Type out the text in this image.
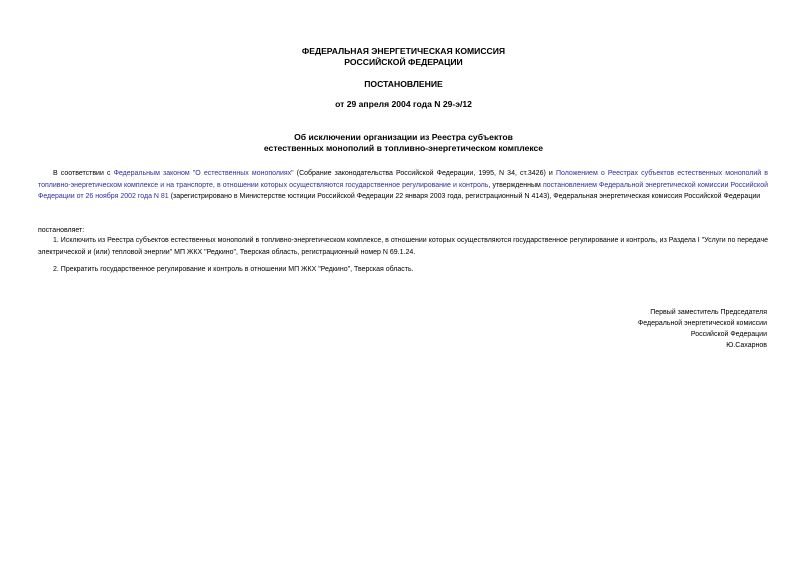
ФЕДЕРАЛЬНАЯ ЭНЕРГЕТИЧЕСКАЯ КОМИССИЯ
РОССИЙСКОЙ ФЕДЕРАЦИИ
ПОСТАНОВЛЕНИЕ
от 29 апреля 2004 года N 29-э/12
Об исключении организации из Реестра субъектов
естественных монополий в топливно-энергетическом комплексе
В соответствии с Федеральным законом "О естественных монополиях" (Собрание законодательства Российской Федерации, 1995, N 34, ст.3426) и Положением о Реестрах субъектов естественных монополий в топливно-энергетическом комплексе и на транспорте, в отношении которых осуществляются государственное регулирование и контроль, утвержденным постановлением Федеральной энергетической комиссии Российской Федерации от 26 ноября 2002 года N 81 (зарегистрировано в Министерстве юстиции Российской Федерации 22 января 2003 года, регистрационный N 4143), Федеральная энергетическая комиссия Российской Федерации
постановляет:
1. Исключить из Реестра субъектов естественных монополий в топливно-энергетическом комплексе, в отношении которых осуществляются государственное регулирование и контроль, из Раздела I "Услуги по передаче электрической и (или) тепловой энергии" МП ЖКХ "Редкино", Тверская область, регистрационный номер N 69.1.24.
2. Прекратить государственное регулирование и контроль в отношении МП ЖКХ "Редкино", Тверская область.
Первый заместитель Председателя
Федеральной энергетической комиссии
Российской Федерации
Ю.Сахарнов
